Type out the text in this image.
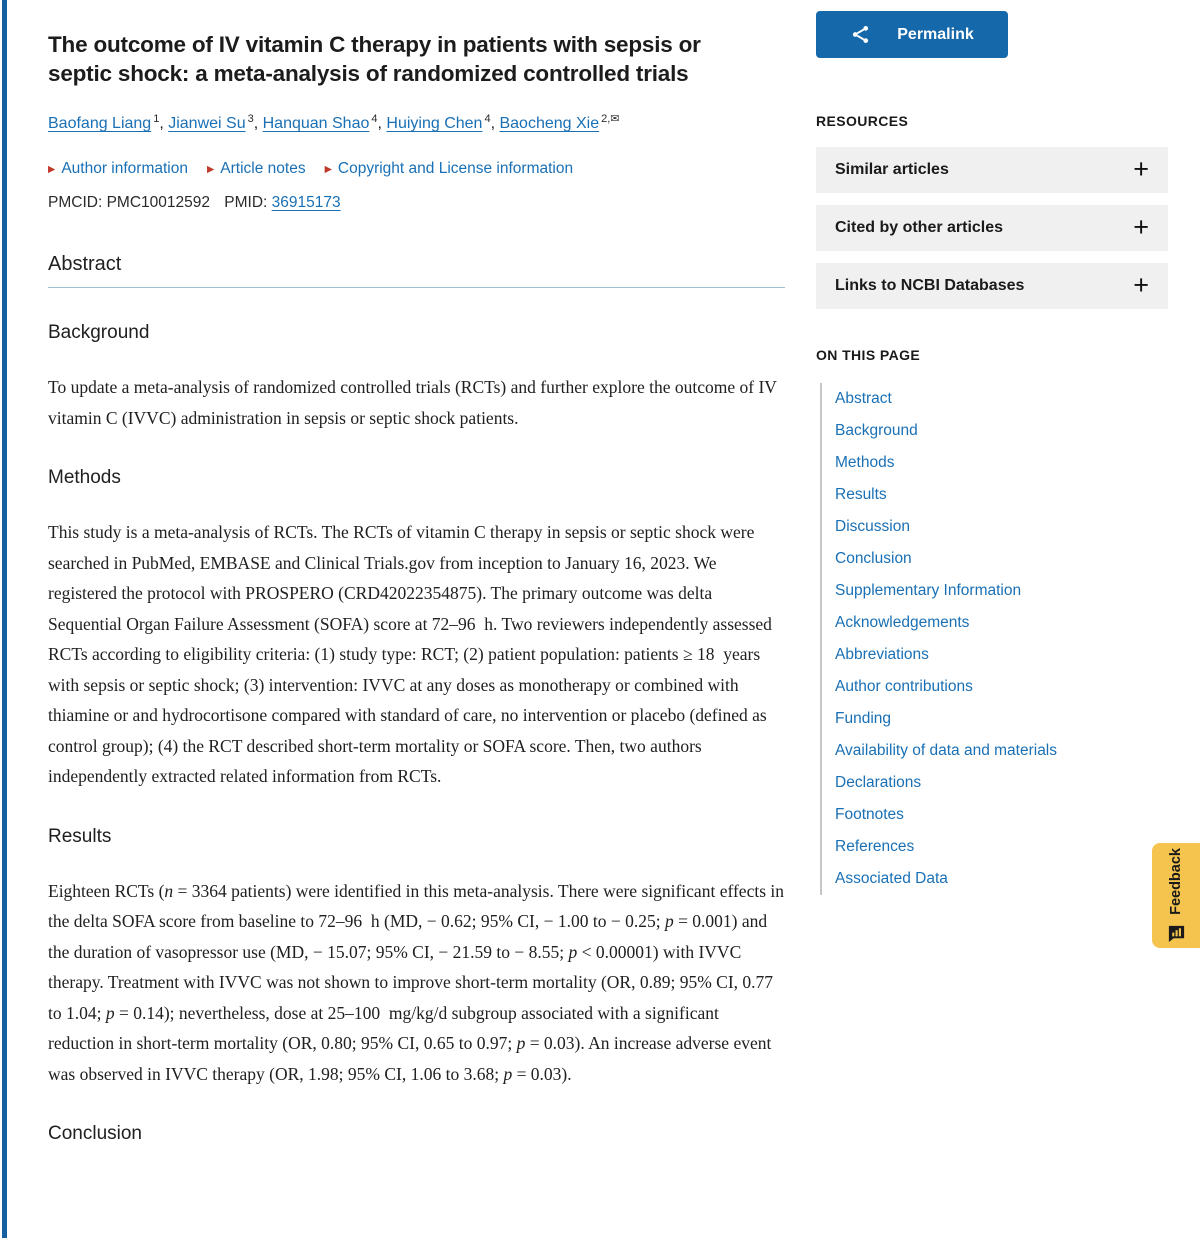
The outcome of IV vitamin C therapy in patients with sepsis or septic shock: a meta-analysis of randomized controlled trials
Baofang Liang $^1$, Jianwei Su $^3$, Hanquan Shao $^4$, Huiying Chen $^4$, Baocheng Xie $^{2,✉}$
▶ Author information ▶ Article notes ▶ Copyright and License information
PMCID: PMC10012592 PMID: 36915173
Abstract
Background

To update a meta-analysis of randomized controlled trials (RCTs) and further explore the outcome of IV vitamin C (IVVC) administration in sepsis or septic shock patients.

Methods

This study is a meta-analysis of RCTs. The RCTs of vitamin C therapy in sepsis or septic shock were searched in PubMed, EMBASE and Clinical Trials.gov from inception to January 16, 2023. We registered the protocol with PROSPERO (CRD42022354875). The primary outcome was delta Sequential Organ Failure Assessment (SOFA) score at 72–96  h. Two reviewers independently assessed RCTs according to eligibility criteria: (1) study type: RCT; (2) patient population: patients ≥ 18  years with sepsis or septic shock; (3) intervention: IVVC at any doses as monotherapy or combined with thiamine or and hydrocortisone compared with standard of care, no intervention or placebo (defined as control group); (4) the RCT described short-term mortality or SOFA score. Then, two authors independently extracted related information from RCTs.

Results

Eighteen RCTs (n = 3364 patients) were identified in this meta-analysis. There were significant effects in the delta SOFA score from baseline to 72–96  h (MD, − 0.62; 95% CI, − 1.00 to − 0.25; p = 0.001) and the duration of vasopressor use (MD, − 15.07; 95% CI, − 21.59 to − 8.55; p < 0.00001) with IVVC therapy. Treatment with IVVC was not shown to improve short-term mortality (OR, 0.89; 95% CI, 0.77 to 1.04; p = 0.14); nevertheless, dose at 25–100  mg/kg/d subgroup associated with a significant reduction in short-term mortality (OR, 0.80; 95% CI, 0.65 to 0.97; p = 0.03). An increase adverse event was observed in IVVC therapy (OR, 1.98; 95% CI, 1.06 to 3.68; p = 0.03).

Conclusion
Permalink
RESOURCES
Similar articles	+
Cited by other articles	+
Links to NCBI Databases	+
ON THIS PAGE
Abstract
Background
Methods
Results
Discussion
Conclusion
Supplementary Information
Acknowledgements
Abbreviations
Author contributions
Funding
Availability of data and materials
Declarations
Footnotes
References
Associated Data	Feedback
